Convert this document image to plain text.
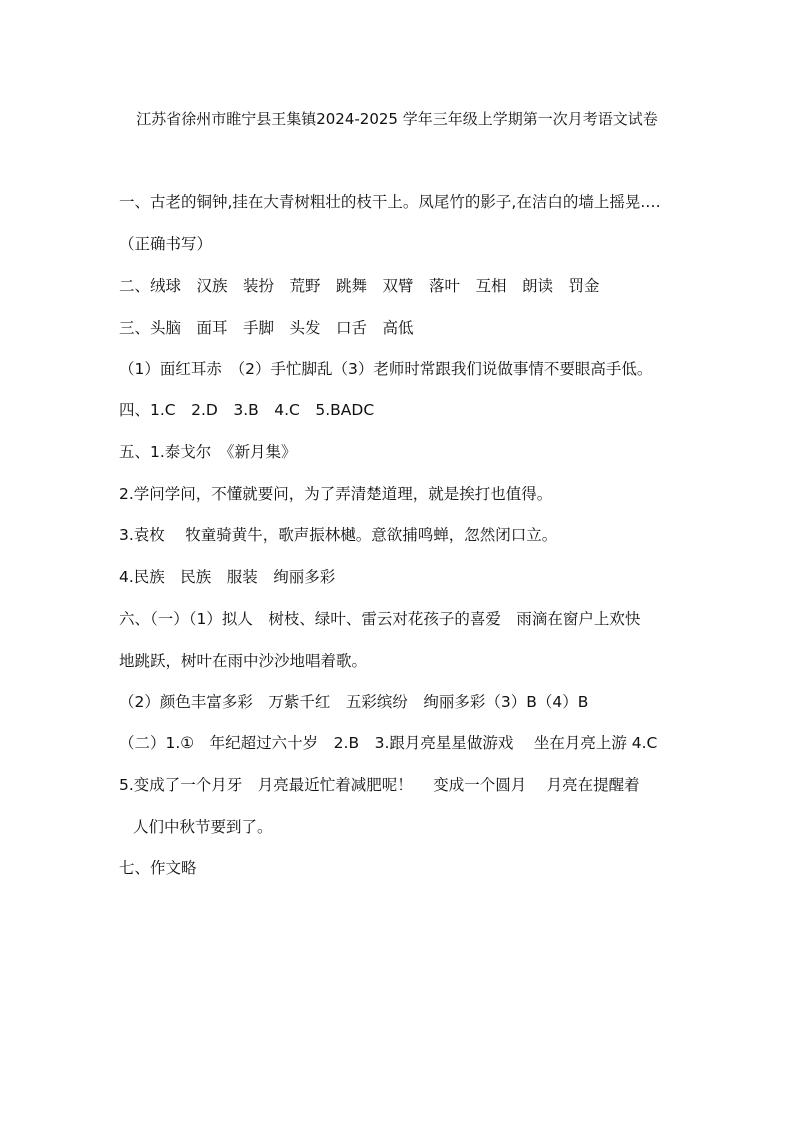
江苏省徐州市睢宁县王集镇2024-2025 学年三年级上学期第一次月考语文试卷
一、古老的铜钟,挂在大青树粗壮的枝干上。凤尾竹的影子,在洁白的墙上摇晃.…
（正确书写）
二、绒球　汉族　装扮　荒野　跳舞　双臂　落叶　互相　朗读　罚金
三、头脑　面耳　手脚　头发　口舌　高低
（1）面红耳赤　（2）手忙脚乱（3）老师时常跟我们说做事情不要眼高手低。
四、1.C　2.D　3.B　4.C　5.BADC
五、1.泰戈尔　《新月集》
2.学问学问，不懂就要问，为了弄清楚道理，就是挨打也值得。
3.袁枚　 牧童骑黄牛，歌声振林樾。意欲捕鸣蝉，忽然闭口立。
4.民族　民族　服装　绚丽多彩
六、（一）（1）拟人　树枝、绿叶、雷云对花孩子的喜爱　雨滴在窗户上欢快
地跳跃，树叶在雨中沙沙地唱着歌。
（2）颜色丰富多彩　万紫千红　五彩缤纷　绚丽多彩（3）B（4）B
（二）1.①　年纪超过六十岁　2.B　3.跟月亮星星做游戏　 坐在月亮上游 4.C
5.变成了一个月牙　月亮最近忙着减肥呢！　 变成一个圆月　 月亮在提醒着
人们中秋节要到了。
七、作文略
